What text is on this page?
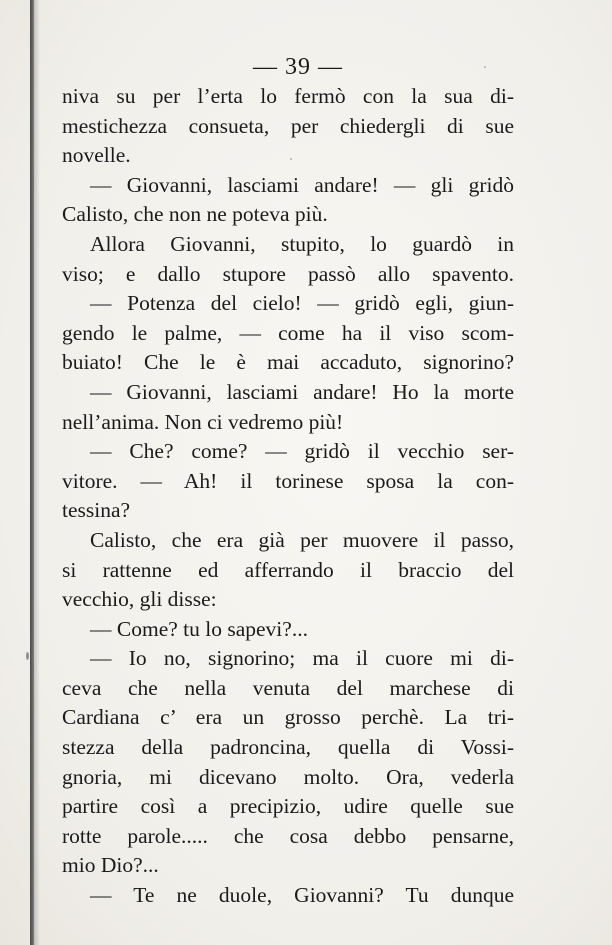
— 39 —
niva su per l’erta lo fermò con la sua di-
mestichezza consueta, per chiedergli di sue
novelle.
— Giovanni, lasciami andare! — gli gridò
Calisto, che non ne poteva più.
Allora Giovanni, stupito, lo guardò in
viso; e dallo stupore passò allo spavento.
— Potenza del cielo! — gridò egli, giun-
gendo le palme, — come ha il viso scom-
buiato! Che le è mai accaduto, signorino?
— Giovanni, lasciami andare! Ho la morte
nell’anima. Non ci vedremo più!
— Che? come? — gridò il vecchio ser-
vitore. — Ah! il torinese sposa la con-
tessina?
Calisto, che era già per muovere il passo,
si rattenne ed afferrando il braccio del
vecchio, gli disse:
— Come? tu lo sapevi?...
— Io no, signorino; ma il cuore mi di-
ceva che nella venuta del marchese di
Cardiana c’ era un grosso perchè. La tri-
stezza della padroncina, quella di Vossi-
gnoria, mi dicevano molto. Ora, vederla
partire così a precipizio, udire quelle sue
rotte parole..... che cosa debbo pensarne,
mio Dio?...
— Te ne duole, Giovanni? Tu dunque
